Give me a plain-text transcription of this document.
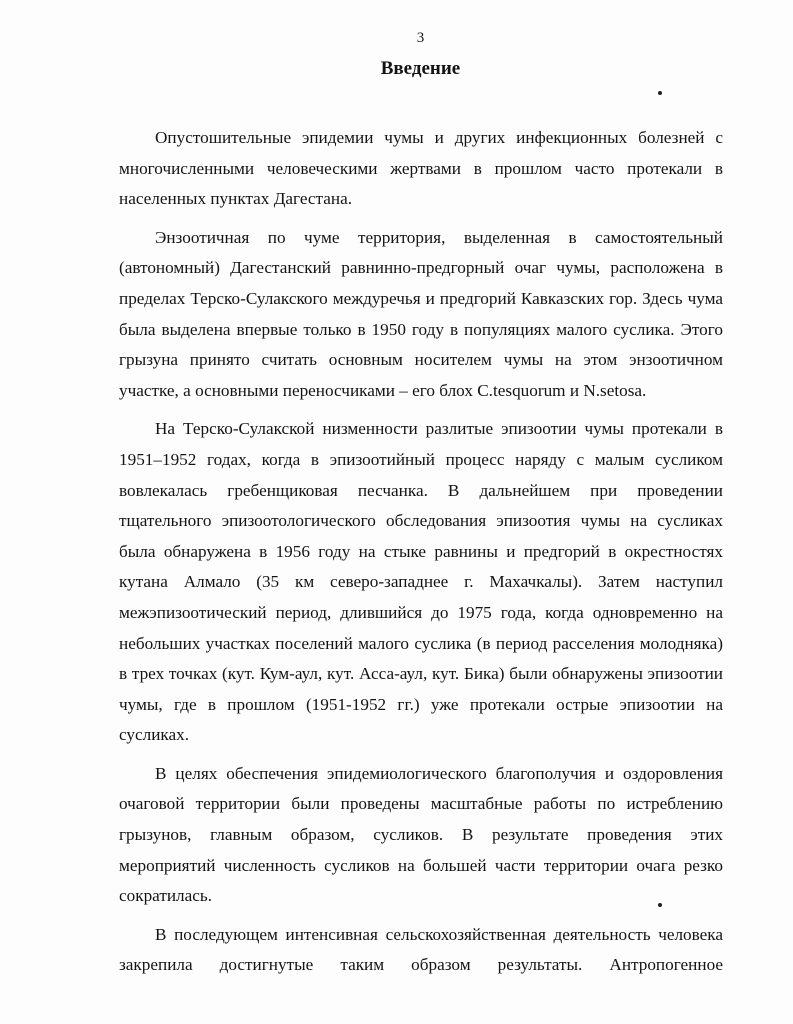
3
Введение

Опустошительные эпидемии чумы и других инфекционных болезней с многочисленными человеческими жертвами в прошлом часто протекали в населенных пунктах Дагестана.

Энзоотичная по чуме территория, выделенная в самостоятельный (автономный) Дагестанский равнинно-предгорный очаг чумы, расположена в пределах Терско-Сулакского междуречья и предгорий Кавказских гор. Здесь чума была выделена впервые только в 1950 году в популяциях малого суслика. Этого грызуна принято считать основным носителем чумы на этом энзоотичном участке, а основными переносчиками – его блох C.tesquorum и N.setosa.

На Терско-Сулакской низменности разлитые эпизоотии чумы протекали в 1951–1952 годах, когда в эпизоотийный процесс наряду с малым сусликом вовлекалась гребенщиковая песчанка. В дальнейшем при проведении тщательного эпизоотологического обследования эпизоотия чумы на сусликах была обнаружена в 1956 году на стыке равнины и предгорий в окрестностях кутана Алмало (35 км северо-западнее г. Махачкалы). Затем наступил межэпизоотический период, длившийся до 1975 года, когда одновременно на небольших участках поселений малого суслика (в период расселения молодняка) в трех точках (кут. Кум-аул, кут. Асса-аул, кут. Бика) были обнаружены эпизоотии чумы, где в прошлом (1951-1952 гг.) уже протекали острые эпизоотии на сусликах.

В целях обеспечения эпидемиологического благополучия и оздоровления очаговой территории были проведены масштабные работы по истреблению грызунов, главным образом, сусликов. В результате проведения этих мероприятий численность сусликов на большей части территории очага резко сократилась.

В последующем интенсивная сельскохозяйственная деятельность человека закрепила достигнутые таким образом результаты. Антропогенное
